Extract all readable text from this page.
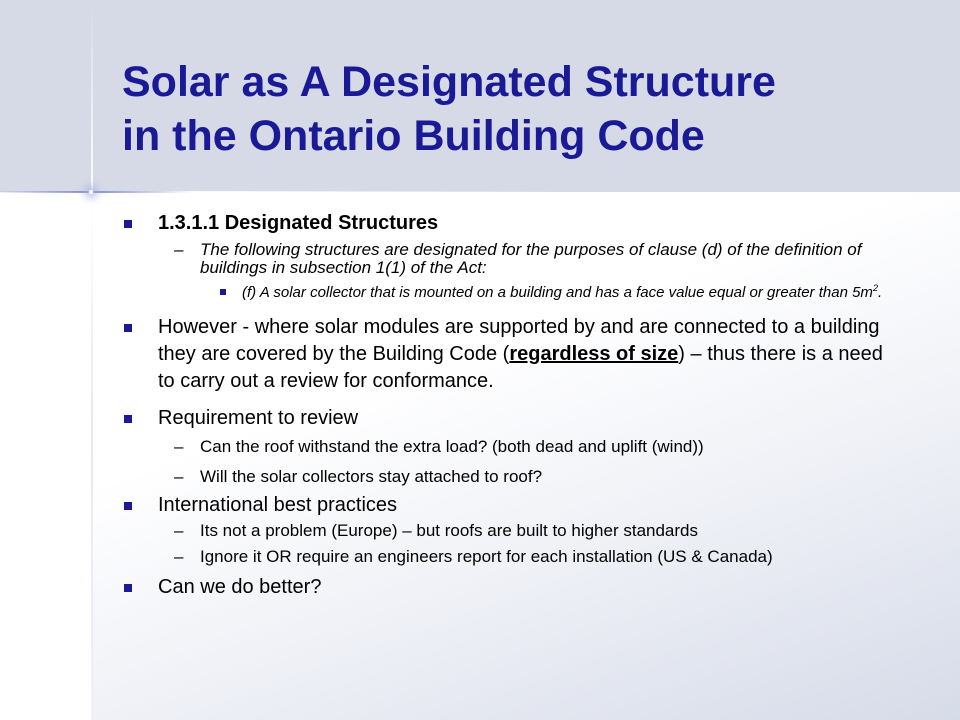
Solar as A Designated Structure
in the Ontario Building Code
1.3.1.1 Designated Structures
– The following structures are designated for the purposes of clause (d) of the definition of buildings in subsection 1(1) of the Act:
(f) A solar collector that is mounted on a building and has a face value equal or greater than $5m^2$.
However - where solar modules are supported by and are connected to a building they are covered by the Building Code (regardless of size) – thus there is a need to carry out a review for conformance.
Requirement to review
– Can the roof withstand the extra load? (both dead and uplift (wind))
– Will the solar collectors stay attached to roof?
International best practices
– Its not a problem (Europe) – but roofs are built to higher standards
– Ignore it OR require an engineers report for each installation (US & Canada)
Can we do better?
